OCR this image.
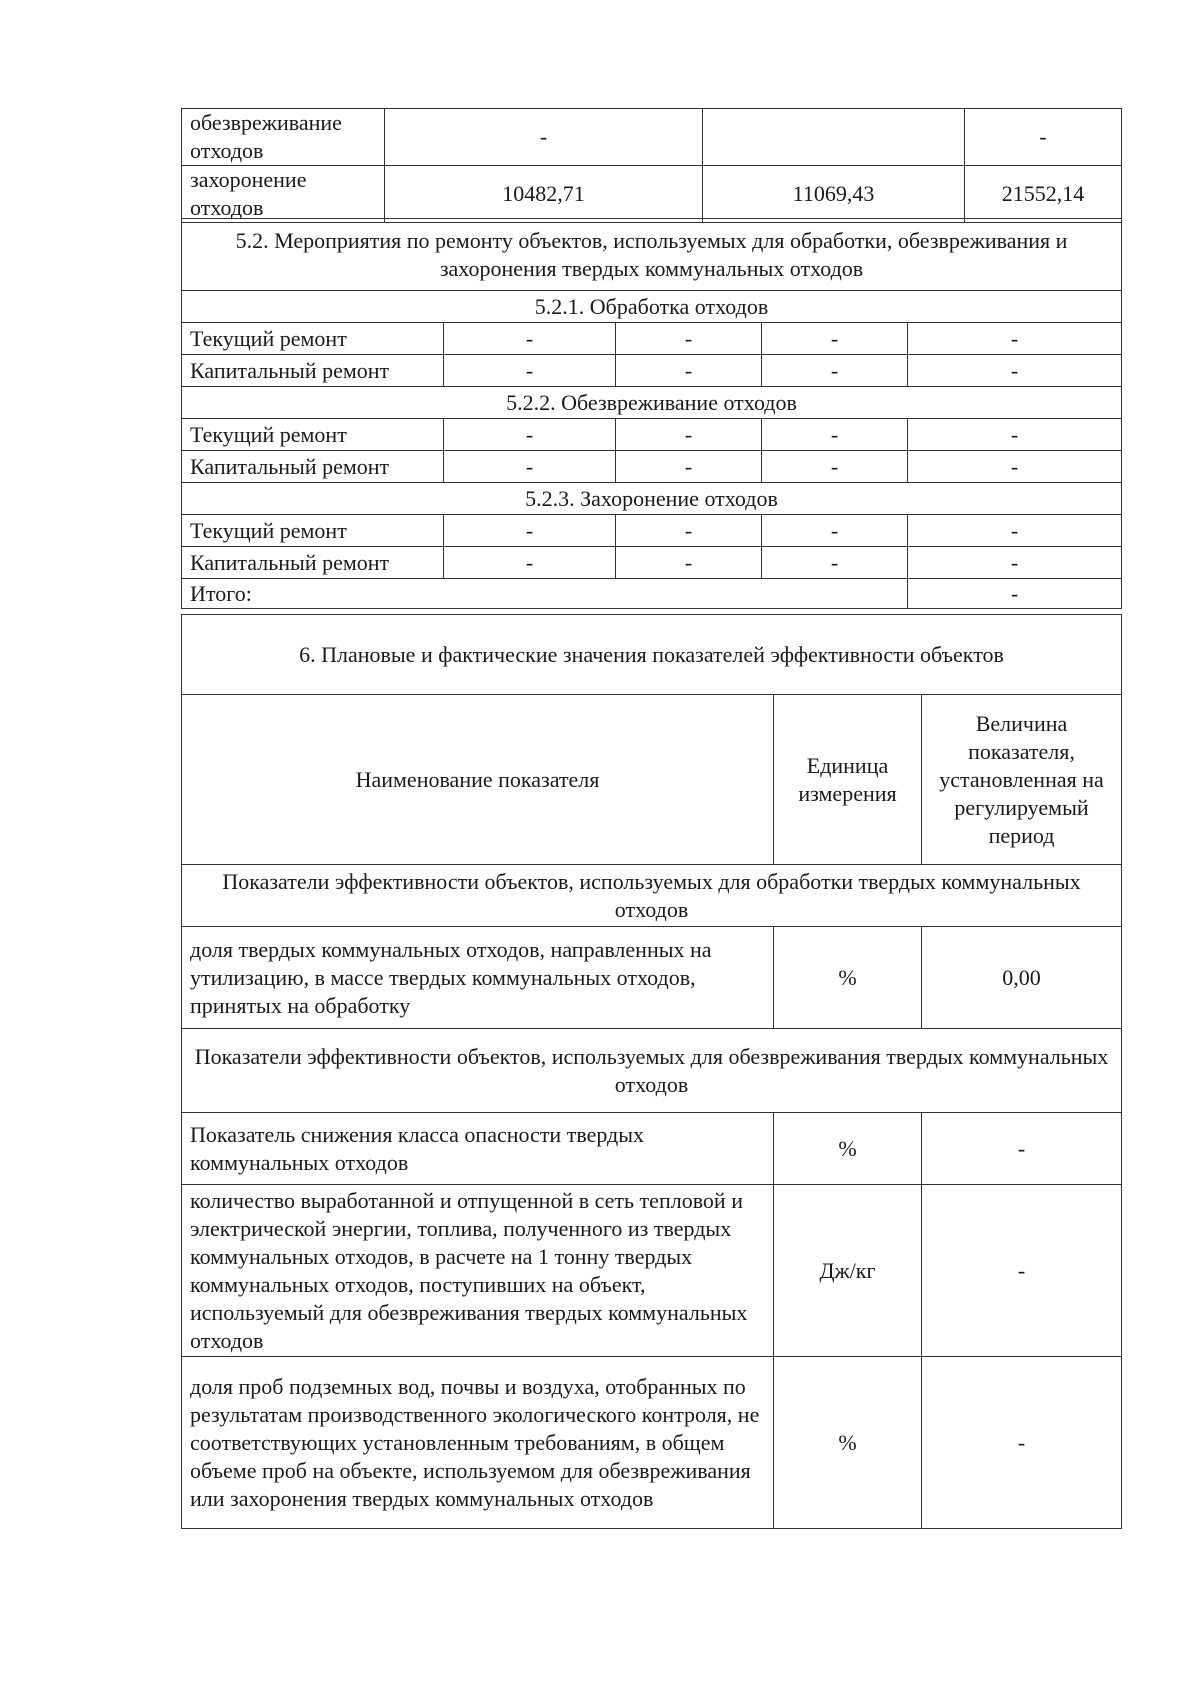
обезвреживание отходов	-		-
захоронение отходов	10482,71	11069,43	21552,14
5.2. Мероприятия по ремонту объектов, используемых для обработки, обезвреживания и захоронения твердых коммунальных отходов				
5.2.1. Обработка отходов				
Текущий ремонт	-	-	-	-
Капитальный ремонт	-	-	-	-
5.2.2. Обезвреживание отходов				
Текущий ремонт	-	-	-	-
Капитальный ремонт	-	-	-	-
5.2.3. Захоронение отходов				
Текущий ремонт	-	-	-	-
Капитальный ремонт	-	-	-	-
Итого:				-
6. Плановые и фактические значения показателей эффективности объектов		
Наименование показателя	Единица измерения	Величина показателя, установленная на регулируемый период
Показатели эффективности объектов, используемых для обработки твердых коммунальных отходов		
доля твердых коммунальных отходов, направленных на утилизацию, в массе твердых коммунальных отходов, принятых на обработку	%	0,00
Показатели эффективности объектов, используемых для обезвреживания твердых коммунальных отходов		
Показатель снижения класса опасности твердых коммунальных отходов	%	-
количество выработанной и отпущенной в сеть тепловой и электрической энергии, топлива, полученного из твердых коммунальных отходов, в расчете на 1 тонну твердых коммунальных отходов, поступивших на объект, используемый для обезвреживания твердых коммунальных отходов	Дж/кг	-
доля проб подземных вод, почвы и воздуха, отобранных по результатам производственного экологического контроля, не соответствующих установленным требованиям, в общем объеме проб на объекте, используемом для обезвреживания или захоронения твердых коммунальных отходов	%	-
